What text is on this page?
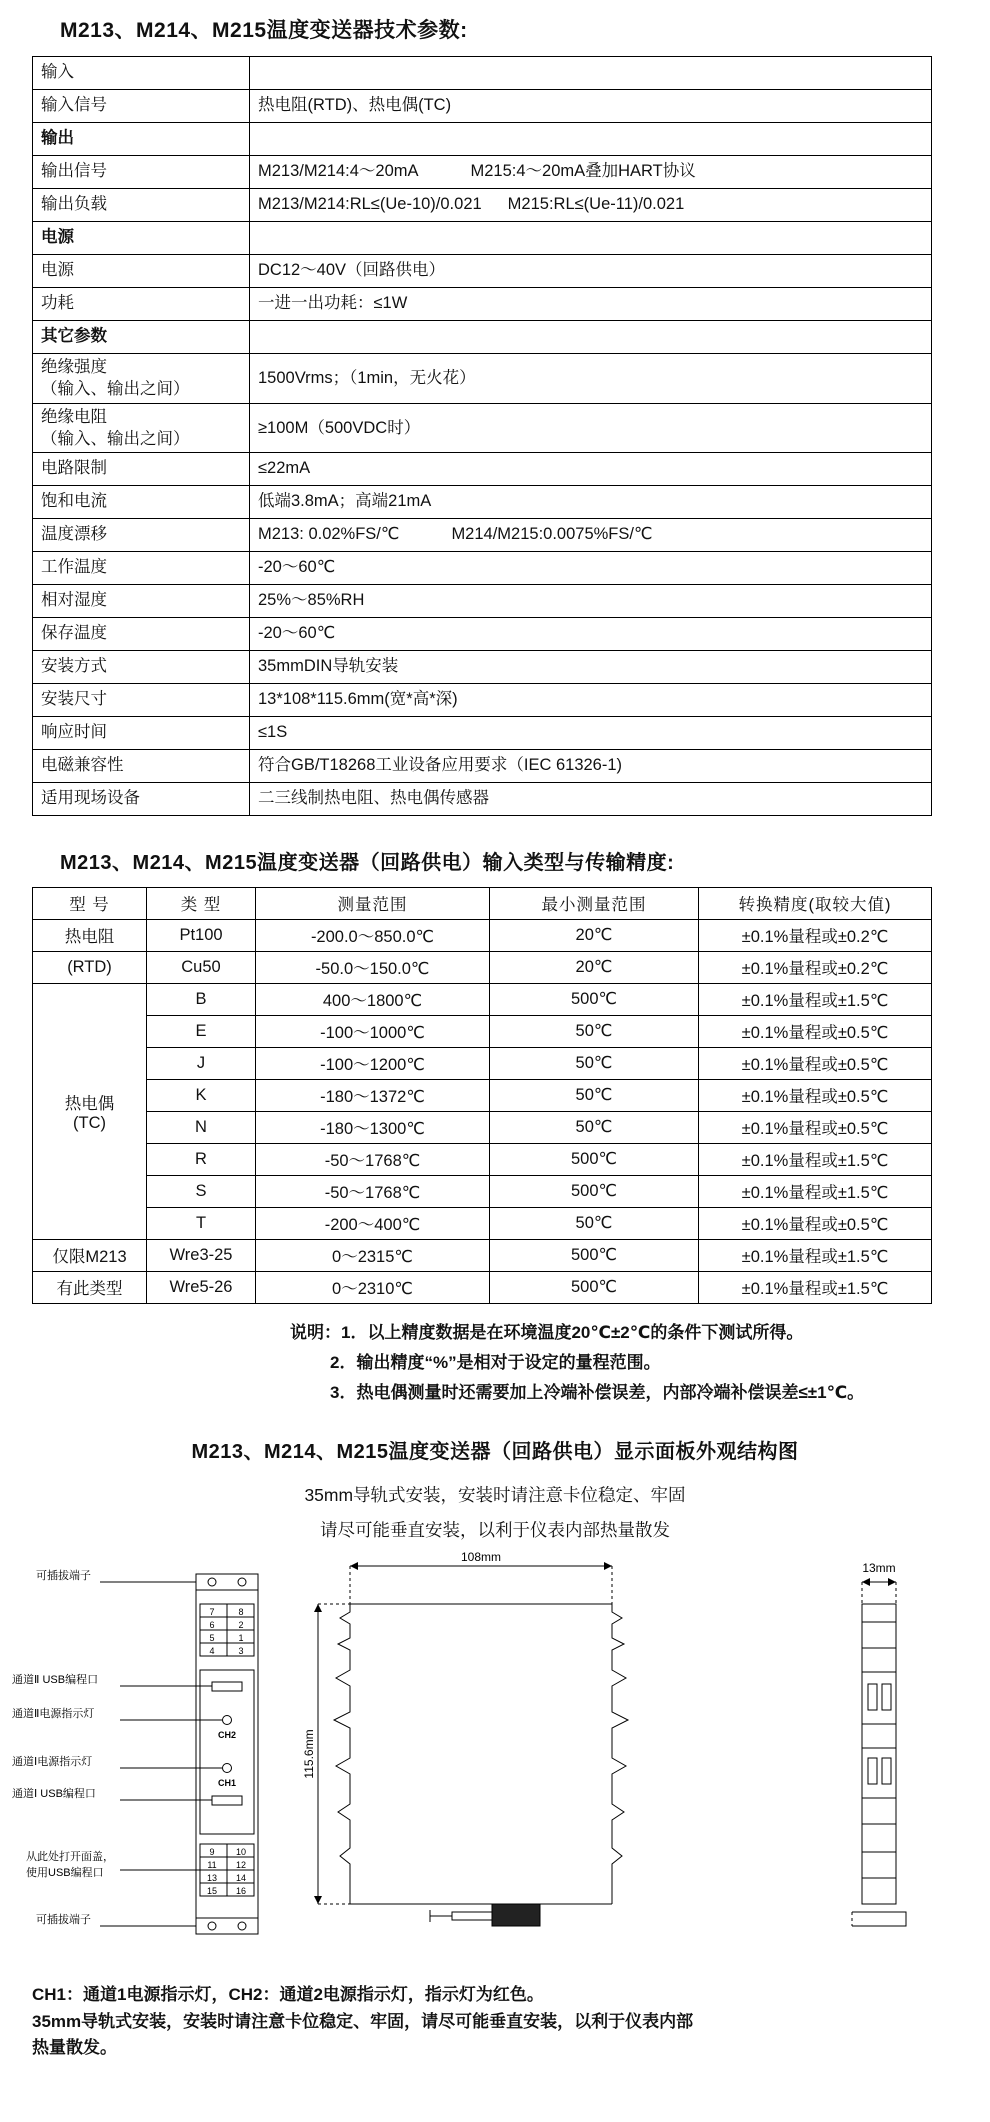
M213、M214、M215温度变送器技术参数:
输入	
输入信号	热电阻(RTD)、热电偶(TC)
输出	
输出信号	M213/M214:4～20mA M215:4～20mA叠加HART协议
输出负载	M213/M214:RL≤(Ue-10)/0.021 M215:RL≤(Ue-11)/0.021
电源	
电源	DC12～40V（回路供电）
功耗	一进一出功耗：≤1W
其它参数	

绝缘强度
（输入、输出之间）	1500Vrms；（1min，无火花）

绝缘电阻
（输入、输出之间）	≥100M（500VDC时）
电路限制	≤22mA
饱和电流	低端3.8mA；高端21mA
温度漂移	M213: 0.02%FS/℃ M214/M215:0.0075%FS/℃
工作温度	-20～60℃
相对湿度	25%～85%RH
保存温度	-20～60℃
安装方式	35mmDIN导轨安装
安装尺寸	13*108*115.6mm(宽*高*深)
响应时间	≤1S
电磁兼容性	符合GB/T18268工业设备应用要求（IEC 61326-1)
适用现场设备	二三线制热电阻、热电偶传感器
M213、M214、M215温度变送器（回路供电）输入类型与传输精度:
型 号	类 型	测量范围	最小测量范围	转换精度(取较大值)
热电阻	Pt100	-200.0～850.0℃	20℃	±0.1%量程或±0.2℃
(RTD)	Cu50	-50.0～150.0℃	20℃	±0.1%量程或±0.2℃

热电偶
(TC)	B	400～1800℃	500℃	±0.1%量程或±1.5℃
	E	-100～1000℃	50℃	±0.1%量程或±0.5℃
	J	-100～1200℃	50℃	±0.1%量程或±0.5℃
	K	-180～1372℃	50℃	±0.1%量程或±0.5℃
	N	-180～1300℃	50℃	±0.1%量程或±0.5℃
	R	-50～1768℃	500℃	±0.1%量程或±1.5℃
	S	-50～1768℃	500℃	±0.1%量程或±1.5℃
	T	-200～400℃	50℃	±0.1%量程或±0.5℃
仅限M213	Wre3-25	0～2315℃	500℃	±0.1%量程或±1.5℃
有此类型	Wre5-26	0～2310℃	500℃	±0.1%量程或±1.5℃
说明：1．以上精度数据是在环境温度20℃±2℃的条件下测试所得。
2．输出精度“%”是相对于设定的量程范围。
3．热电偶测量时还需要加上冷端补偿误差，内部冷端补偿误差≤±1℃。
M213、M214、M215温度变送器（回路供电）显示面板外观结构图
35mm导轨式安装，安装时请注意卡位稳定、牢固
请尽可能垂直安装，以利于仪表内部热量散发
可插拔端子
通道Ⅱ USB编程口
通道Ⅱ电源指示灯
通道Ⅰ电源指示灯
通道Ⅰ USB编程口
从此处打开面盖，
使用USB编程口
可插拔端子
7	8
6	2
5	1
4	3
9 10
11 12
13 14
15 16
CH2
CH1
108mm
115.6mm
13mm
CH1：通道1电源指示灯，CH2：通道2电源指示灯，指示灯为红色。
35mm导轨式安装，安装时请注意卡位稳定、牢固，请尽可能垂直安装，以利于仪表内部
热量散发。
